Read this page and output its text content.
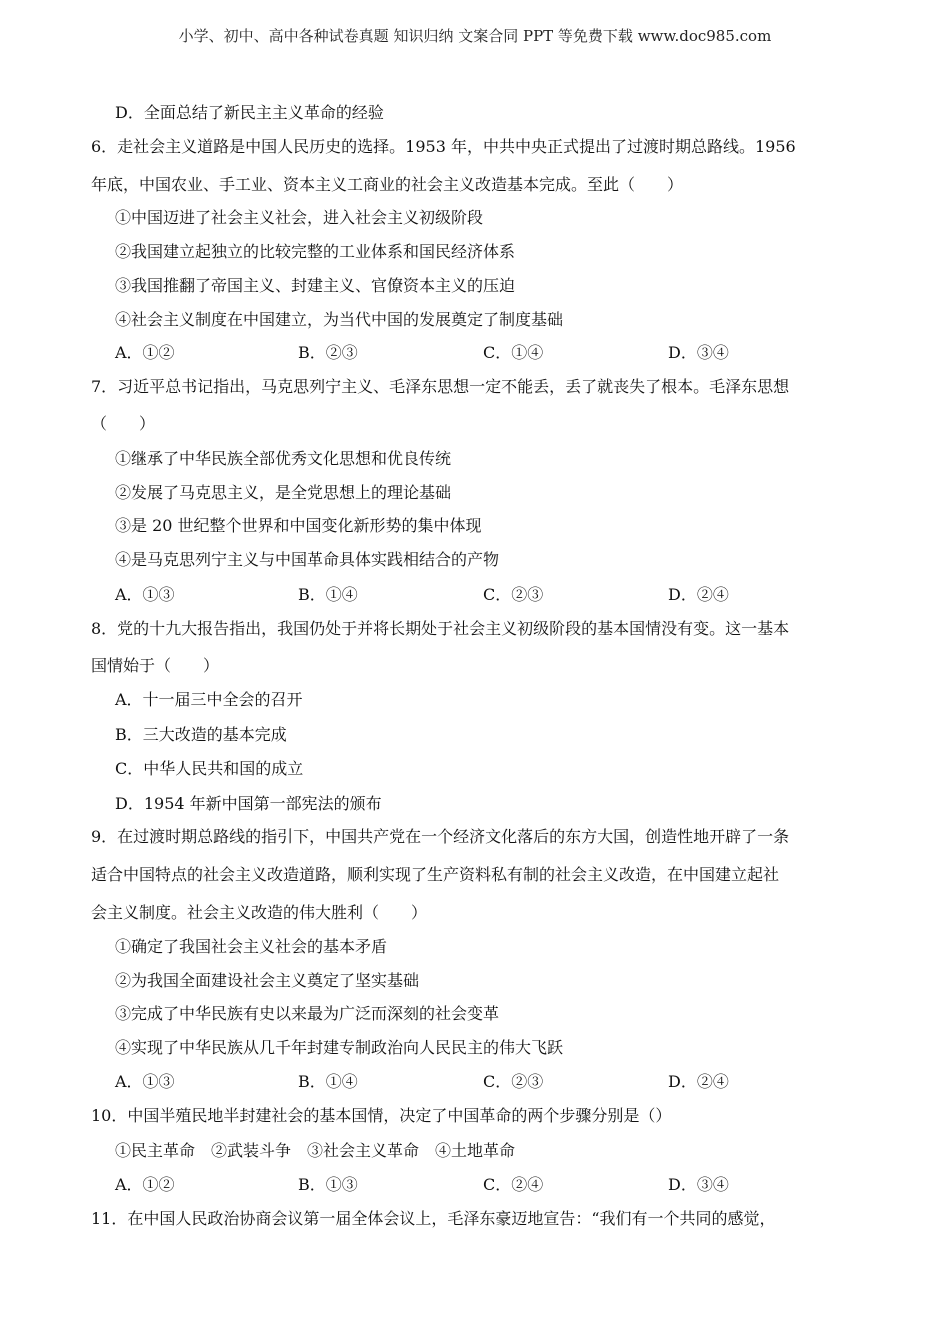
小学、初中、高中各种试卷真题 知识归纳 文案合同 PPT 等免费下载 www.doc985.com
D．全面总结了新民主主义革命的经验
6．走社会主义道路是中国人民历史的选择。1953 年，中共中央正式提出了过渡时期总路线。1956
年底，中国农业、手工业、资本主义工商业的社会主义改造基本完成。至此（　　）
①中国迈进了社会主义社会，进入社会主义初级阶段
②我国建立起独立的比较完整的工业体系和国民经济体系
③我国推翻了帝国主义、封建主义、官僚资本主义的压迫
④社会主义制度在中国建立，为当代中国的发展奠定了制度基础
A．①②	B．②③	C．①④	D．③④
7．习近平总书记指出，马克思列宁主义、毛泽东思想一定不能丢，丢了就丧失了根本。毛泽东思想
（　　）
①继承了中华民族全部优秀文化思想和优良传统
②发展了马克思主义，是全党思想上的理论基础
③是 20 世纪整个世界和中国变化新形势的集中体现
④是马克思列宁主义与中国革命具体实践相结合的产物
A．①③	B．①④	C．②③	D．②④
8．党的十九大报告指出，我国仍处于并将长期处于社会主义初级阶段的基本国情没有变。这一基本
国情始于（　　）
A．十一届三中全会的召开
B．三大改造的基本完成
C．中华人民共和国的成立
D．1954 年新中国第一部宪法的颁布
9．在过渡时期总路线的指引下，中国共产党在一个经济文化落后的东方大国，创造性地开辟了一条
适合中国特点的社会主义改造道路，顺利实现了生产资料私有制的社会主义改造，在中国建立起社
会主义制度。社会主义改造的伟大胜利（　　）
①确定了我国社会主义社会的基本矛盾
②为我国全面建设社会主义奠定了坚实基础
③完成了中华民族有史以来最为广泛而深刻的社会变革
④实现了中华民族从几千年封建专制政治向人民民主的伟大飞跃
A．①③	B．①④	C．②③	D．②④
10．中国半殖民地半封建社会的基本国情，决定了中国革命的两个步骤分别是（）
①民主革命　②武装斗争　③社会主义革命　④土地革命
A．①②	B．①③	C．②④	D．③④
11．在中国人民政治协商会议第一届全体会议上，毛泽东豪迈地宣告：“我们有一个共同的感觉，
